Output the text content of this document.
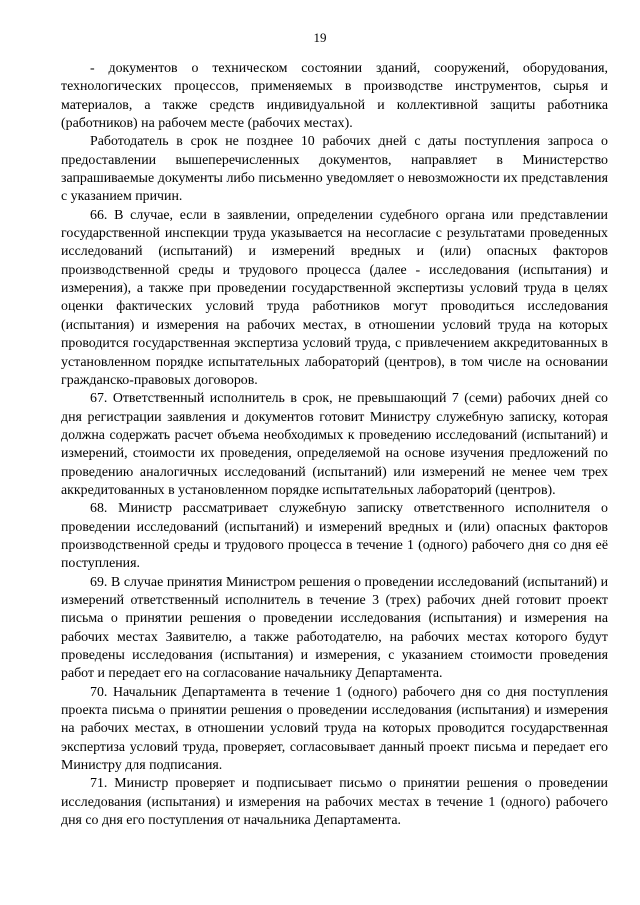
19

- документов о техническом состоянии зданий, сооружений, оборудования, технологических процессов, применяемых в производстве инструментов, сырья и материалов, а также средств индивидуальной и коллективной защиты работника (работников) на рабочем месте (рабочих местах).

Работодатель в срок не позднее 10 рабочих дней с даты поступления запроса о предоставлении вышеперечисленных документов, направляет в Министерство запрашиваемые документы либо письменно уведомляет о невозможности их представления с указанием причин.

66. В случае, если в заявлении, определении судебного органа или представлении государственной инспекции труда указывается на несогласие с результатами проведенных исследований (испытаний) и измерений вредных и (или) опасных факторов производственной среды и трудового процесса (далее - исследования (испытания) и измерения), а также при проведении государственной экспертизы условий труда в целях оценки фактических условий труда работников могут проводиться исследования (испытания) и измерения на рабочих местах, в отношении условий труда на которых проводится государственная экспертиза условий труда, с привлечением аккредитованных в установленном порядке испытательных лабораторий (центров), в том числе на основании гражданско-правовых договоров.

67. Ответственный исполнитель в срок, не превышающий 7 (семи) рабочих дней со дня регистрации заявления и документов готовит Министру служебную записку, которая должна содержать расчет объема необходимых к проведению исследований (испытаний) и измерений, стоимости их проведения, определяемой на основе изучения предложений по проведению аналогичных исследований (испытаний) или измерений не менее чем трех аккредитованных в установленном порядке испытательных лабораторий (центров).

68. Министр рассматривает служебную записку ответственного исполнителя о проведении исследований (испытаний) и измерений вредных и (или) опасных факторов производственной среды и трудового процесса в течение 1 (одного) рабочего дня со дня её поступления.

69. В случае принятия Министром решения о проведении исследований (испытаний) и измерений ответственный исполнитель в течение 3 (трех) рабочих дней готовит проект письма о принятии решения о проведении исследования (испытания) и измерения на рабочих местах Заявителю, а также работодателю, на рабочих местах которого будут проведены исследования (испытания) и измерения, с указанием стоимости проведения работ и передает его на согласование начальнику Департамента.

70. Начальник Департамента в течение 1 (одного) рабочего дня со дня поступления проекта письма о принятии решения о проведении исследования (испытания) и измерения на рабочих местах, в отношении условий труда на которых проводится государственная экспертиза условий труда, проверяет, согласовывает данный проект письма и передает его Министру для подписания.

71. Министр проверяет и подписывает письмо о принятии решения о проведении исследования (испытания) и измерения на рабочих местах в течение 1 (одного) рабочего дня со дня его поступления от начальника Департамента.
